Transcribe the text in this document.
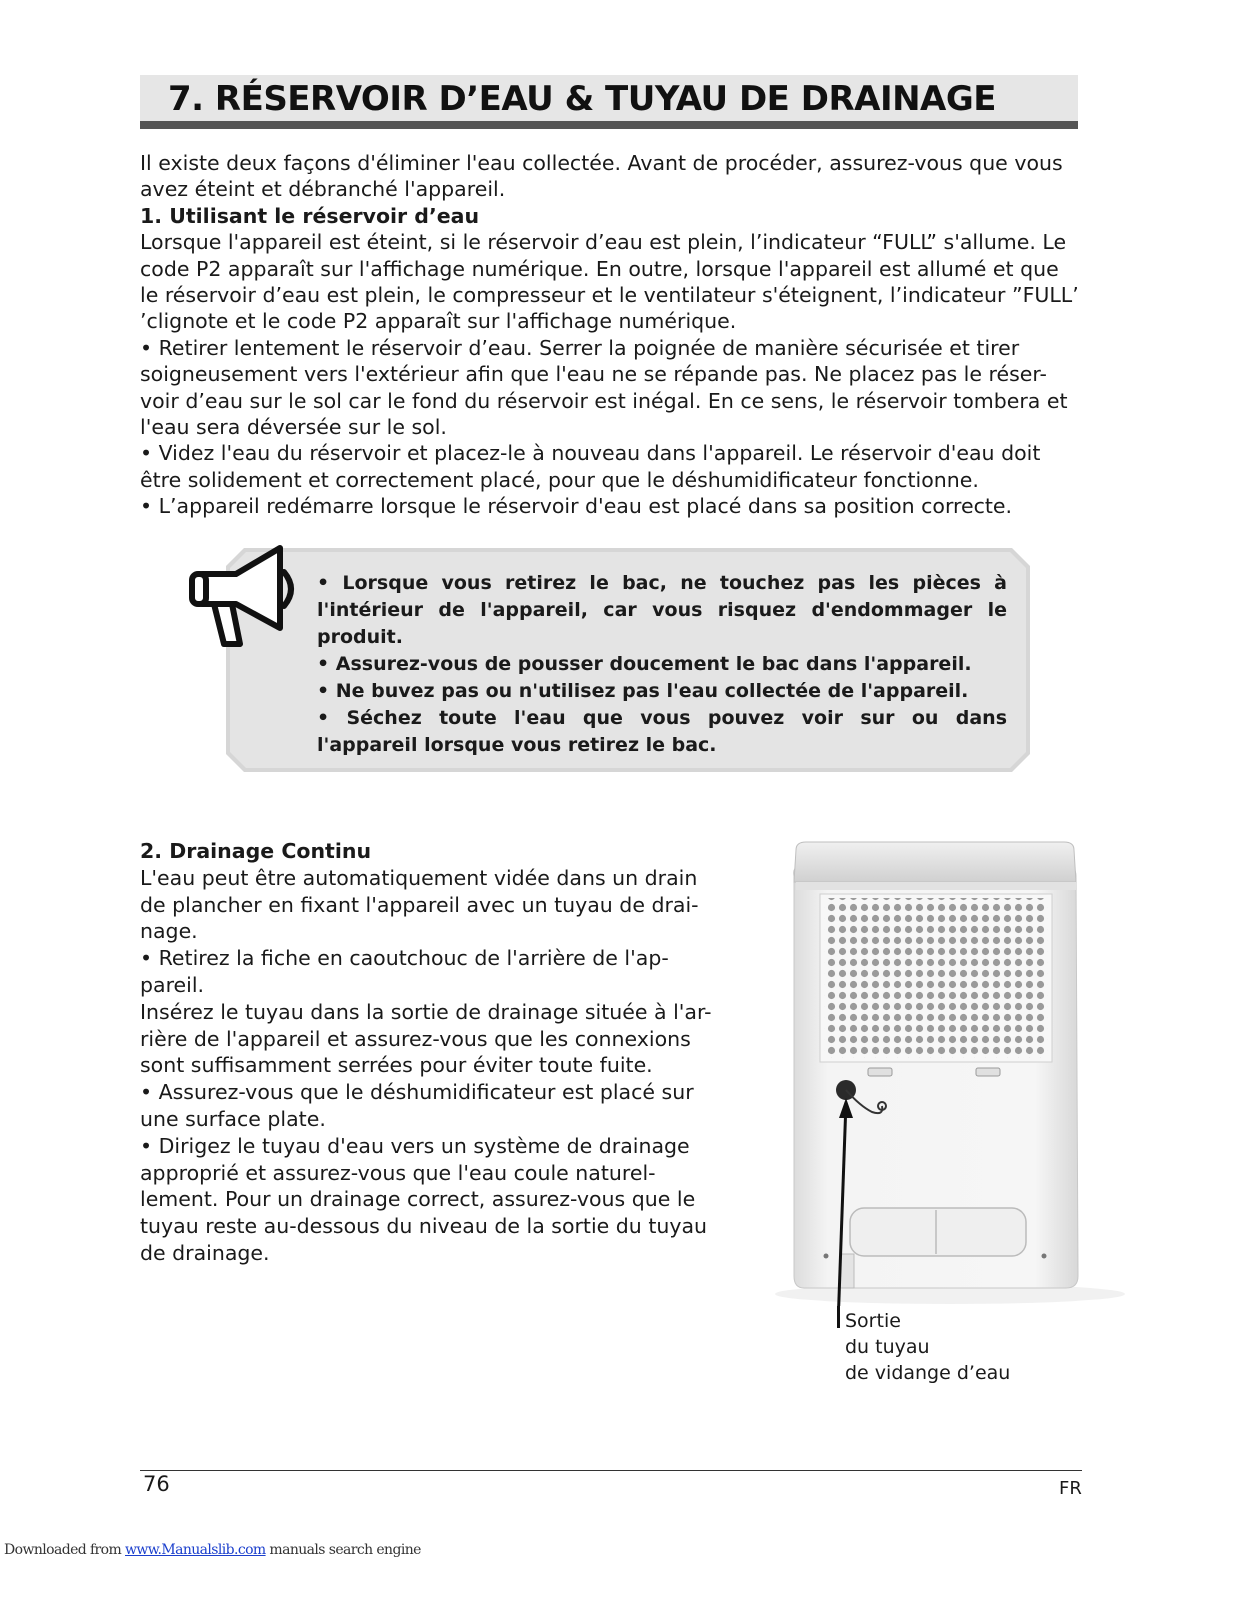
7. RÉSERVOIR D’EAU & TUYAU DE DRAINAGE

Il existe deux façons d'éliminer l'eau collectée. Avant de procéder, assurez-vous que vous avez éteint et débranché l'appareil.

1. Utilisant le réservoir d’eau

Lorsque l'appareil est éteint, si le réservoir d’eau est plein, l’indicateur “FULL” s'allume. Le code P2 apparaît sur l'affichage numérique. En outre, lorsque l'appareil est allumé et que le réservoir d’eau est plein, le compresseur et le ventilateur s'éteignent, l’indicateur ”FULL’ ’clignote et le code P2 apparaît sur l'affichage numérique.

• Retirer lentement le réservoir d’eau. Serrer la poignée de manière sécurisée et tirer soigneusement vers l'extérieur afin que l'eau ne se répande pas. Ne placez pas le réser-voir d’eau sur le sol car le fond du réservoir est inégal. En ce sens, le réservoir tombera et l'eau sera déversée sur le sol.

• Videz l'eau du réservoir et placez-le à nouveau dans l'appareil. Le réservoir d'eau doit être solidement et correctement placé, pour que le déshumidificateur fonctionne.

• L’appareil redémarre lorsque le réservoir d'eau est placé dans sa position correcte.

• Lorsque vous retirez le bac, ne touchez pas les pièces à l'intérieur de l'appareil, car vous risquez d'endommager le produit.

• Assurez-vous de pousser doucement le bac dans l'appareil.

• Ne buvez pas ou n'utilisez pas l'eau collectée de l'appareil.

• Séchez toute l'eau que vous pouvez voir sur ou dans l'appareil lorsque vous retirez le bac.

2. Drainage Continu

L'eau peut être automatiquement vidée dans un drain de plancher en fixant l'appareil avec un tuyau de drai-nage.

• Retirez la fiche en caoutchouc de l'arrière de l'ap-pareil.

Insérez le tuyau dans la sortie de drainage située à l'ar-rière de l'appareil et assurez-vous que les connexions sont suffisamment serrées pour éviter toute fuite.

• Assurez-vous que le déshumidificateur est placé sur une surface plate.

• Dirigez le tuyau d'eau vers un système de drainage approprié et assurez-vous que l'eau coule naturel-lement. Pour un drainage correct, assurez-vous que le tuyau reste au-dessous du niveau de la sortie du tuyau de drainage.

Sortie

du tuyau

de vidange d’eau

76	FR
Downloaded from www.Manualslib.com manuals search engine
